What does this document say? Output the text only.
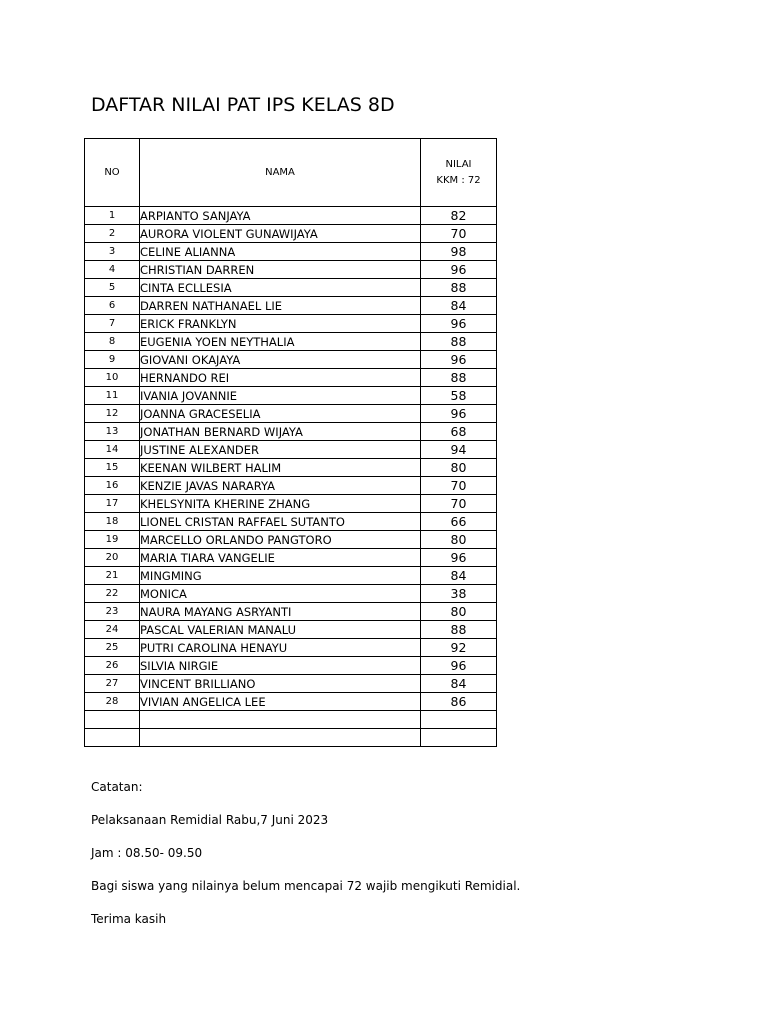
DAFTAR NILAI PAT IPS KELAS 8D
NO	NAMA	NILAI
KKM : 72

1	ARPIANTO SANJAYA	82
2	AURORA VIOLENT GUNAWIJAYA	70
3	CELINE ALIANNA	98
4	CHRISTIAN DARREN	96
5	CINTA ECLLESIA	88
6	DARREN NATHANAEL LIE	84
7	ERICK FRANKLYN	96
8	EUGENIA YOEN NEYTHALIA	88
9	GIOVANI OKAJAYA	96
10	HERNANDO REI	88
11	IVANIA JOVANNIE	58
12	JOANNA GRACESELIA	96
13	JONATHAN BERNARD WIJAYA	68
14	JUSTINE ALEXANDER	94
15	KEENAN WILBERT HALIM	80
16	KENZIE JAVAS NARARYA	70
17	KHELSYNITA KHERINE ZHANG	70
18	LIONEL CRISTAN RAFFAEL SUTANTO	66
19	MARCELLO ORLANDO PANGTORO	80
20	MARIA TIARA VANGELIE	96
21	MINGMING	84
22	MONICA	38
23	NAURA MAYANG ASRYANTI	80
24	PASCAL VALERIAN MANALU	88
25	PUTRI CAROLINA HENAYU	92
26	SILVIA NIRGIE	96
27	VINCENT BRILLIANO	84
28	VIVIAN ANGELICA LEE	86

Catatan:

Pelaksanaan Remidial Rabu,7 Juni 2023

Jam : 08.50- 09.50

Bagi siswa yang nilainya belum mencapai 72 wajib mengikuti Remidial.

Terima kasih
